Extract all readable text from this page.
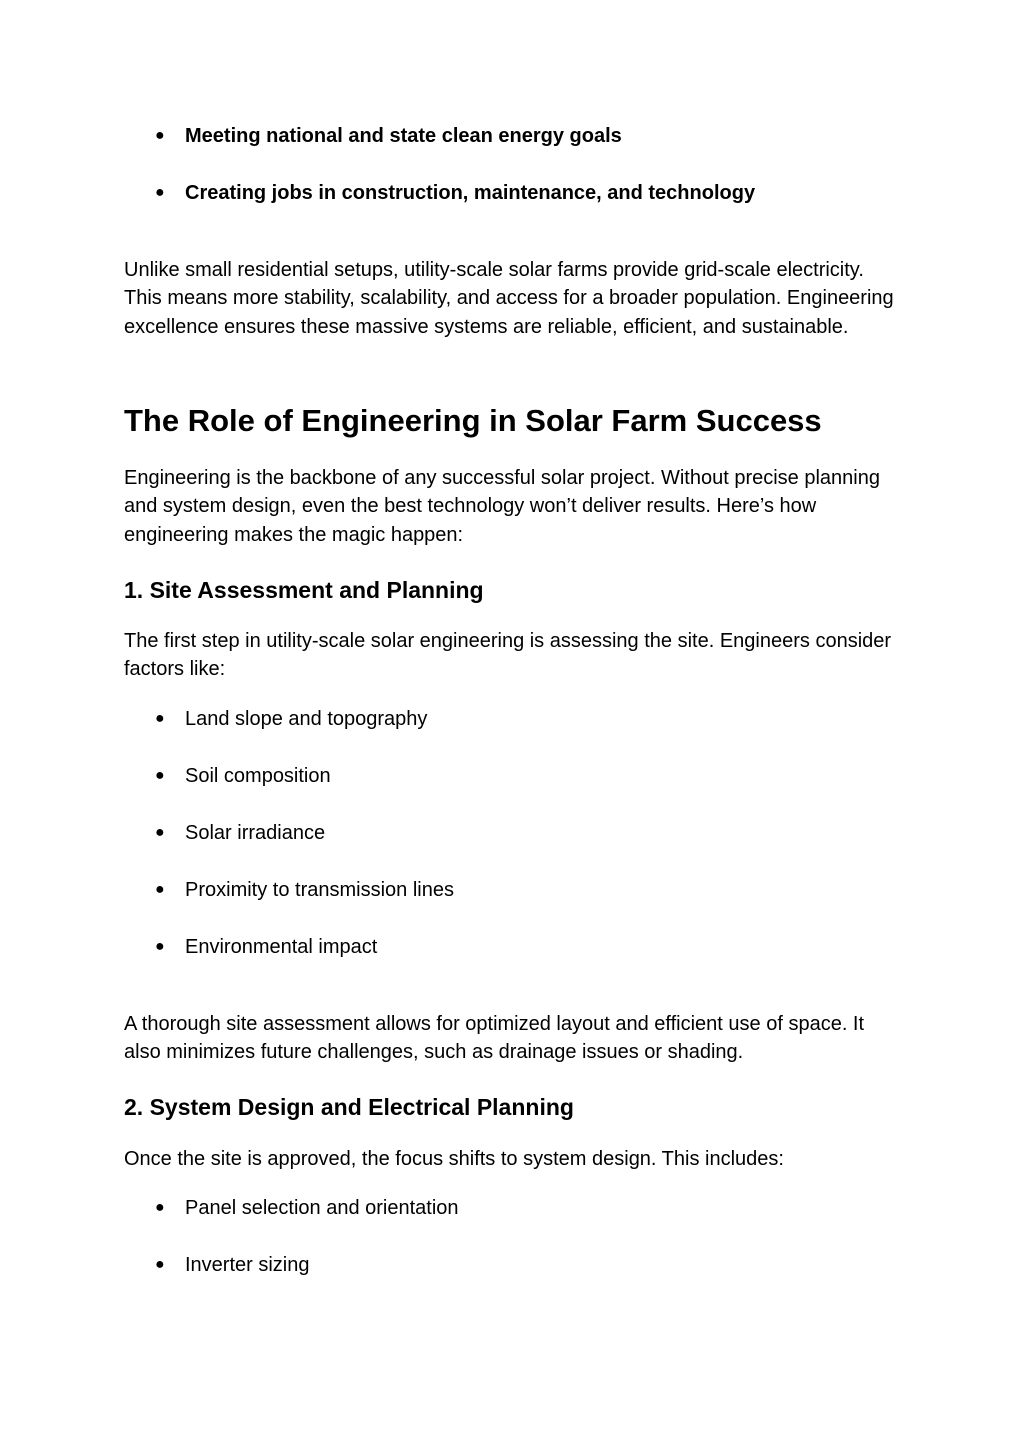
●	Meeting national and state clean energy goals
●	Creating jobs in construction, maintenance, and technology

Unlike small residential setups, utility-scale solar farms provide grid-scale electricity. This means more stability, scalability, and access for a broader population. Engineering excellence ensures these massive systems are reliable, efficient, and sustainable.

The Role of Engineering in Solar Farm Success

Engineering is the backbone of any successful solar project. Without precise planning and system design, even the best technology won’t deliver results. Here’s how engineering makes the magic happen:

1. Site Assessment and Planning

The first step in utility-scale solar engineering is assessing the site. Engineers consider factors like:

●	Land slope and topography
●	Soil composition
●	Solar irradiance
●	Proximity to transmission lines
●	Environmental impact

A thorough site assessment allows for optimized layout and efficient use of space. It also minimizes future challenges, such as drainage issues or shading.

2. System Design and Electrical Planning

Once the site is approved, the focus shifts to system design. This includes:

●	Panel selection and orientation
●	Inverter sizing
